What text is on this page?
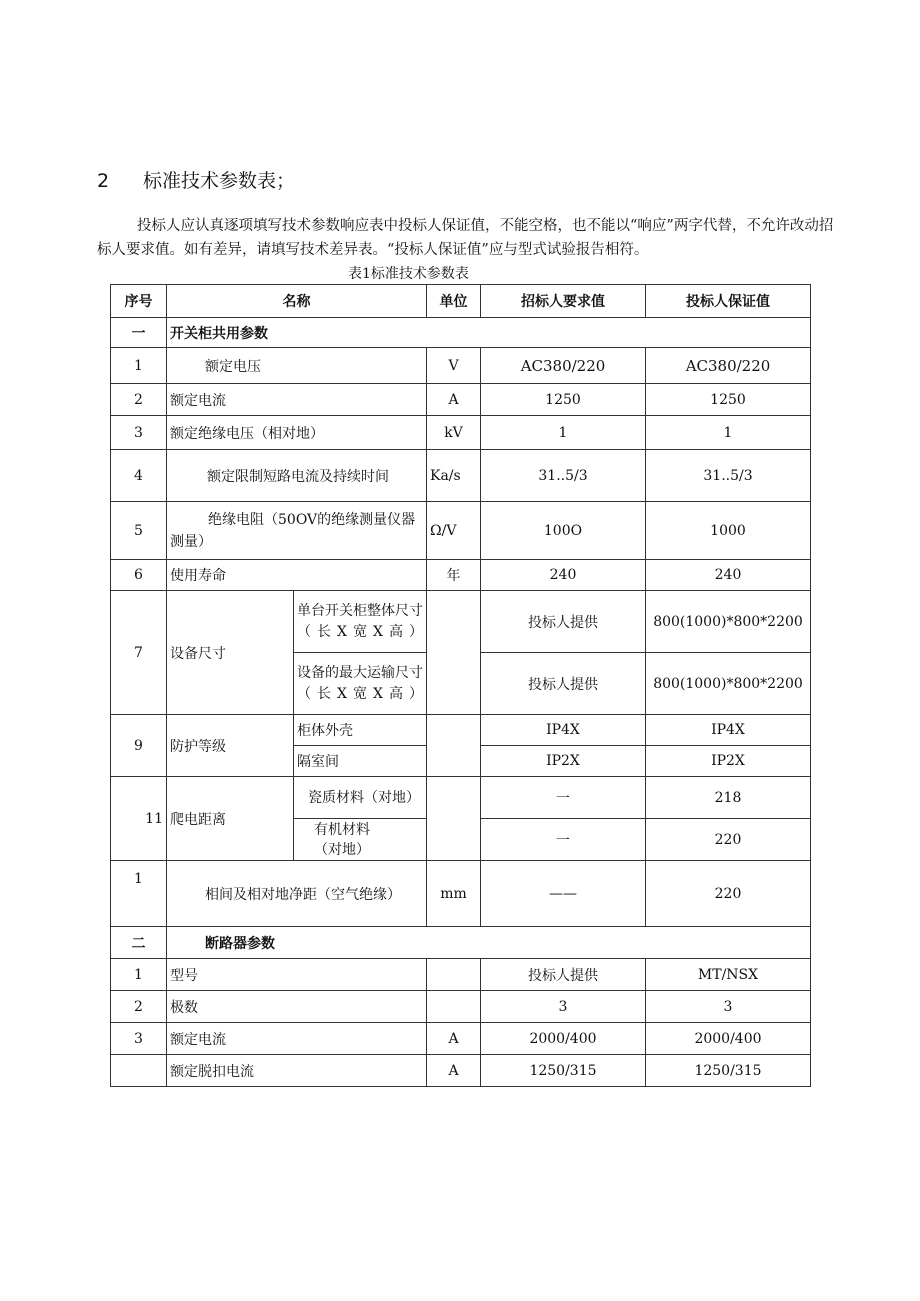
2 标准技术参数表；
投标人应认真逐项填写技术参数响应表中投标人保证值，不能空格，也不能以“响应”两字代替，不允许改动招标人要求值。如有差异，请填写技术差异表。“投标人保证值”应与型式试验报告相符。
表1标准技术参数表
序号	名称		单位	招标人要求值	投标人保证值
一	开关柜共用参数				
1	额定电压		V	AC380/220	AC380/220
2	额定电流		A	1250	1250
3	额定绝缘电压（相对地）		kV	1	1
4	额定限制短路电流及持续时间		Ka/s	31..5/3	31..5/3
5	绝缘电阻（50OV的绝缘测量仪器测量）		Ω/V	100O	1000
6	使用寿命		年	240	240
7	设备尺寸	单台开关柜整体尺寸（长X宽X高）		投标人提供	800(1000)*800*2200
		设备的最大运输尺寸（长X宽X高）		投标人提供	800(1000)*800*2200
9	防护等级	柜体外壳		IP4X	IP4X
		隔室间		IP2X	IP2X
11	爬电距离	瓷质材料（对地）		一	218
		有机材料（对地）		一	220
1	相间及相对地净距（空气绝缘）		mm	——	220
二	断路器参数				
1	型号			投标人提供	MT/NSX
2	极数			3	3
3	额定电流		A	2000/400	2000/400
	额定脱扣电流		A	1250/315	1250/315
